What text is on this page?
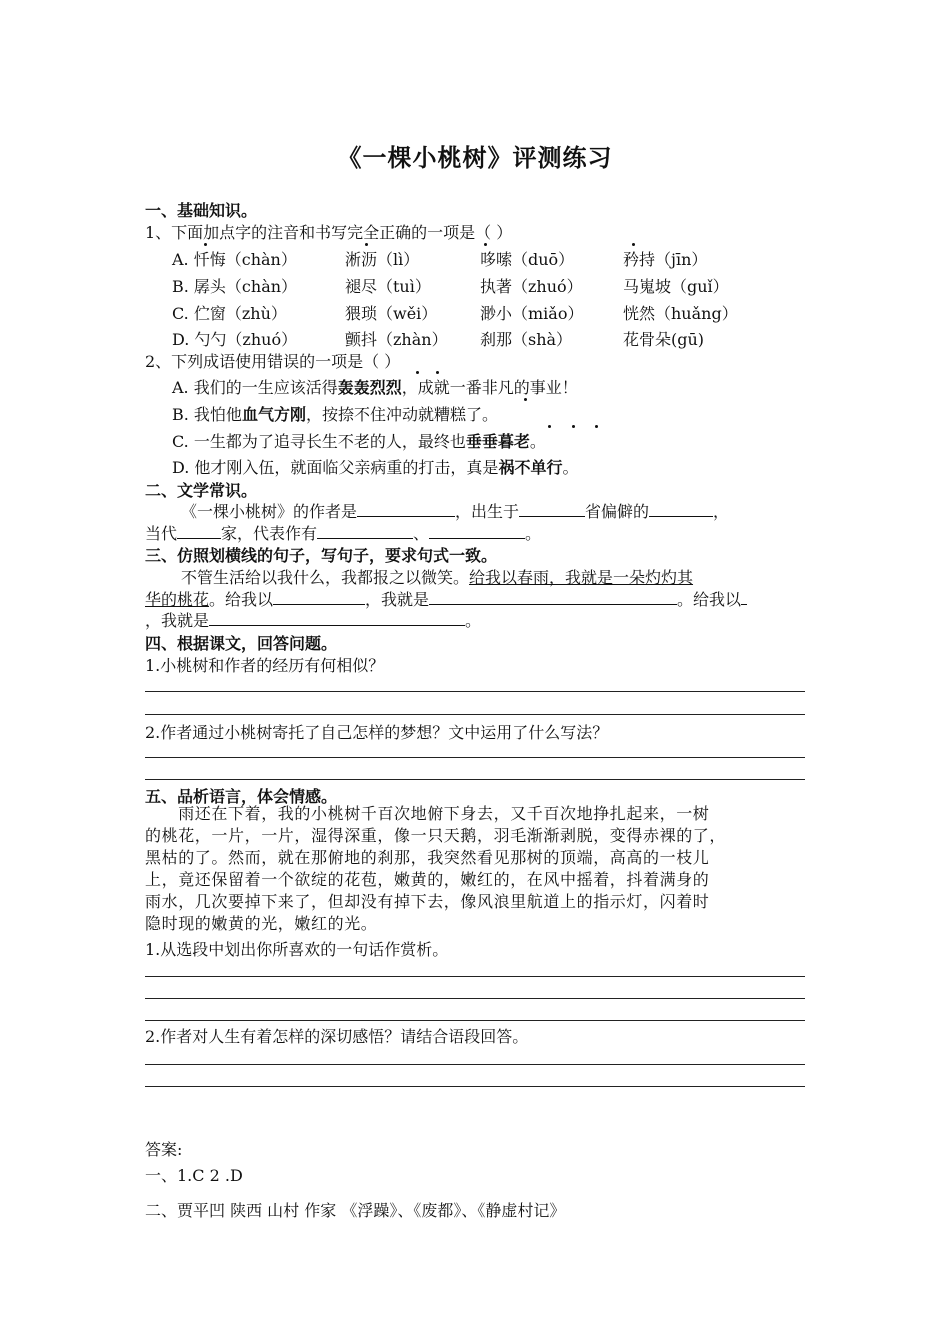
《一棵小桃树》评测练习
一、基础知识。
1、下面加点字的注音和书写完全正确的一项是（ ）
A. 忏悔（chàn）	淅沥（lì）	哆嗦（duō）	矜持（jīn）
B. 孱头（chàn）	褪尽（tuì）	执著（zhuó）	马嵬坡（guǐ）
C. 伫窗（zhù）	猥琐（wěi）	渺小（miǎo） 恍然（huǎng）
D. 勺勺（zhuó）	颤抖（zhàn） 刹那（shà）	花骨朵(gū)
2、下列成语使用错误的一项是（ ）
A. 我们的一生应该活得轰轰烈烈，成就一番非凡的事业！
B. 我怕他血气方刚，按捺不住冲动就糟糕了。
C. 一生都为了追寻长生不老的人，最终也垂垂暮老。
D. 他才刚入伍，就面临父亲病重的打击，真是祸不单行。
二、文学常识。
《一棵小桃树》的作者是	，出生于	省偏僻的	，
当代	家，代表作有	、	。
三、仿照划横线的句子，写句子，要求句式一致。
不管生活给以我什么，我都报之以微笑。给我以春雨，我就是一朵灼灼其
华的桃花。给我以	，我就是	。给我以
，我就是	。
四、根据课文，回答问题。
1.小桃树和作者的经历有何相似？
2.作者通过小桃树寄托了自己怎样的梦想？文中运用了什么写法？
五、品析语言，体会情感。
　　雨还在下着，我的小桃树千百次地俯下身去，又千百次地挣扎起来，一树
的桃花，一片，一片，湿得深重，像一只天鹅，羽毛渐渐剥脱，变得赤裸的了，
黑枯的了。然而，就在那俯地的刹那，我突然看见那树的顶端，高高的一枝儿
上，竟还保留着一个欲绽的花苞，嫩黄的，嫩红的，在风中摇着，抖着满身的
雨水，几次要掉下来了，但却没有掉下去，像风浪里航道上的指示灯，闪着时
隐时现的嫩黄的光，嫩红的光。
1.从选段中划出你所喜欢的一句话作赏析。
2.作者对人生有着怎样的深切感悟？请结合语段回答。
答案:
一、1.C 2 .D
二、贾平凹 陕西 山村 作家 《浮躁》、《废都》、《静虚村记》
